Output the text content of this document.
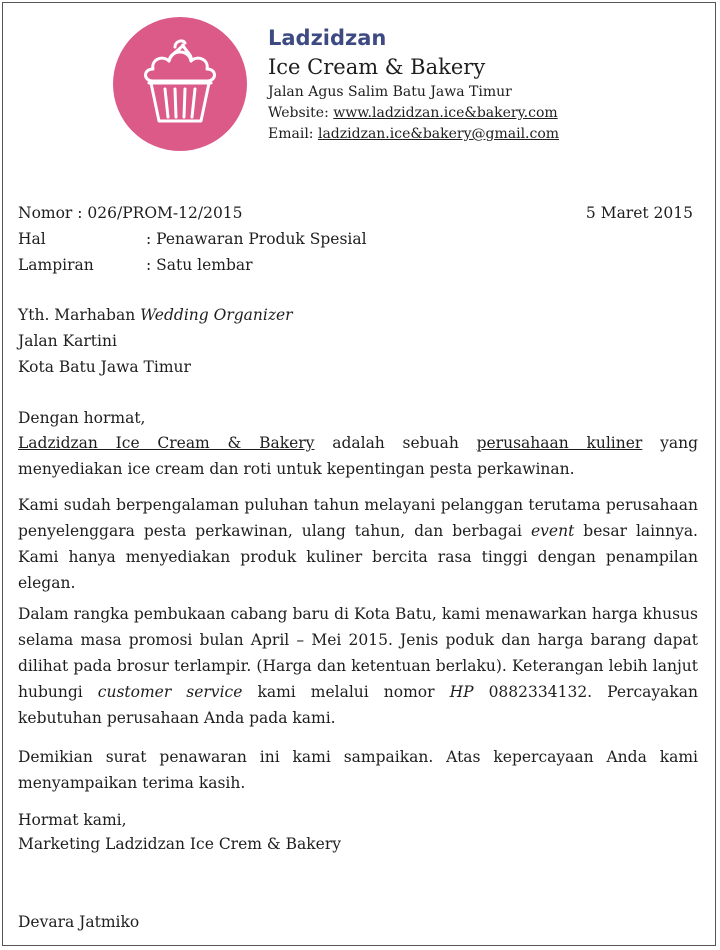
Ladzidzan
Ice Cream & Bakery
Jalan Agus Salim Batu Jawa Timur
Website: www.ladzidzan.ice&bakery.com
Email: ladzidzan.ice&bakery@gmail.com
Nomor : 026/PROM-12/2015	5 Maret 2015
Hal	: Penawaran Produk Spesial
Lampiran	: Satu lembar
Yth. Marhaban Wedding Organizer
Jalan Kartini
Kota Batu Jawa Timur
Dengan hormat,
Ladzidzan Ice Cream & Bakery adalah sebuah perusahaan kuliner yang
menyediakan ice cream dan roti untuk kepentingan pesta perkawinan.
Kami sudah berpengalaman puluhan tahun melayani pelanggan terutama perusahaan penyelenggara pesta perkawinan, ulang tahun, dan berbagai event besar lainnya. Kami hanya menyediakan produk kuliner bercita rasa tinggi dengan penampilan elegan.
Dalam rangka pembukaan cabang baru di Kota Batu, kami menawarkan harga khusus selama masa promosi bulan April – Mei 2015. Jenis poduk dan harga barang dapat dilihat pada brosur terlampir. (Harga dan ketentuan berlaku). Keterangan lebih lanjut hubungi customer service kami melalui nomor HP 0882334132. Percayakan kebutuhan perusahaan Anda pada kami.
Demikian surat penawaran ini kami sampaikan. Atas kepercayaan Anda kami menyampaikan terima kasih.
Hormat kami,
Marketing Ladzidzan Ice Crem & Bakery
Devara Jatmiko
